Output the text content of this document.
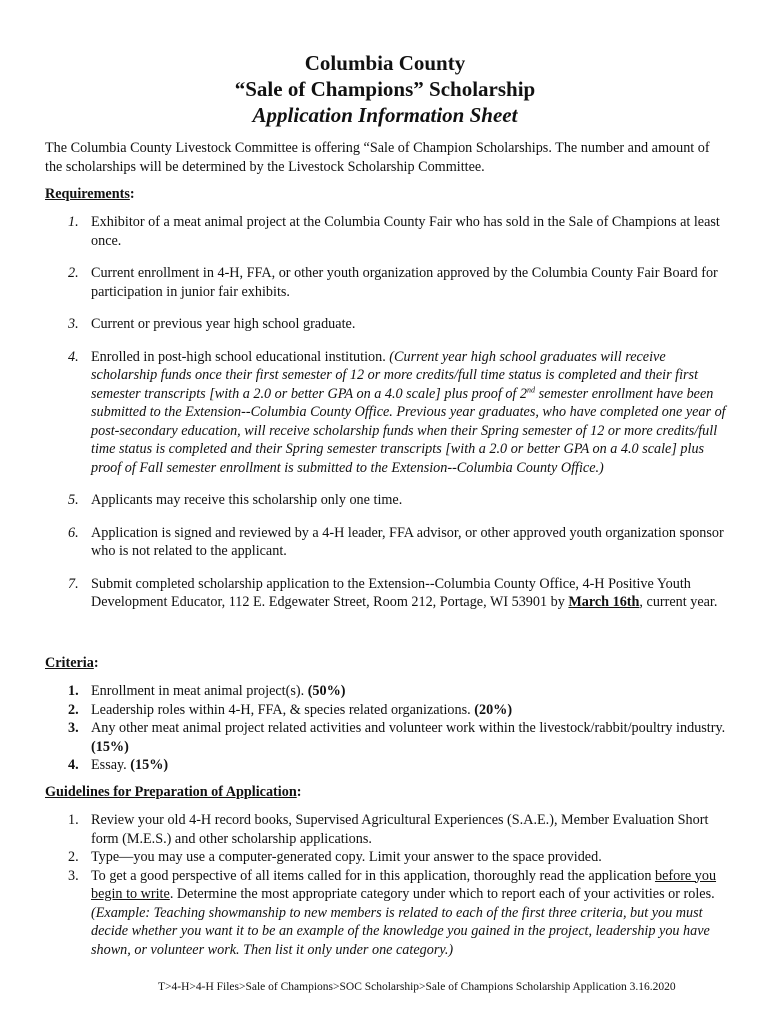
Columbia County

“Sale of Champions” Scholarship

Application Information Sheet

The Columbia County Livestock Committee is offering “Sale of Champion Scholarships. The number and amount of the scholarships will be determined by the Livestock Scholarship Committee.

Requirements:

1. Exhibitor of a meat animal project at the Columbia County Fair who has sold in the Sale of Champions at least once.
2. Current enrollment in 4-H, FFA, or other youth organization approved by the Columbia County Fair Board for participation in junior fair exhibits.
3. Current or previous year high school graduate.
4. Enrolled in post-high school educational institution. (Current year high school graduates will receive scholarship funds once their first semester of 12 or more credits/full time status is completed and their first semester transcripts [with a 2.0 or better GPA on a 4.0 scale] plus proof of 2nd semester enrollment have been submitted to the Extension--Columbia County Office. Previous year graduates, who have completed one year of post-secondary education, will receive scholarship funds when their Spring semester of 12 or more credits/full time status is completed and their Spring semester transcripts [with a 2.0 or better GPA on a 4.0 scale] plus proof of Fall semester enrollment is submitted to the Extension--Columbia County Office.)
5. Applicants may receive this scholarship only one time.
6. Application is signed and reviewed by a 4-H leader, FFA advisor, or other approved youth organization sponsor who is not related to the applicant.
7. Submit completed scholarship application to the Extension--Columbia County Office, 4-H Positive Youth Development Educator, 112 E. Edgewater Street, Room 212, Portage, WI 53901 by March 16th, current year.

Criteria:

1. Enrollment in meat animal project(s). (50%)
2. Leadership roles within 4-H, FFA, & species related organizations. (20%)
3. Any other meat animal project related activities and volunteer work within the livestock/rabbit/poultry industry. (15%)
4. Essay. (15%)

Guidelines for Preparation of Application:

1. Review your old 4-H record books, Supervised Agricultural Experiences (S.A.E.), Member Evaluation Short form (M.E.S.) and other scholarship applications.
2. Type—you may use a computer-generated copy. Limit your answer to the space provided.
3. To get a good perspective of all items called for in this application, thoroughly read the application before you begin to write. Determine the most appropriate category under which to report each of your activities or roles. (Example: Teaching showmanship to new members is related to each of the first three criteria, but you must decide whether you want it to be an example of the knowledge you gained in the project, leadership you have shown, or volunteer work. Then list it only under one category.)
T>4-H>4-H Files>Sale of Champions>SOC Scholarship>Sale of Champions Scholarship Application 3.16.2020
